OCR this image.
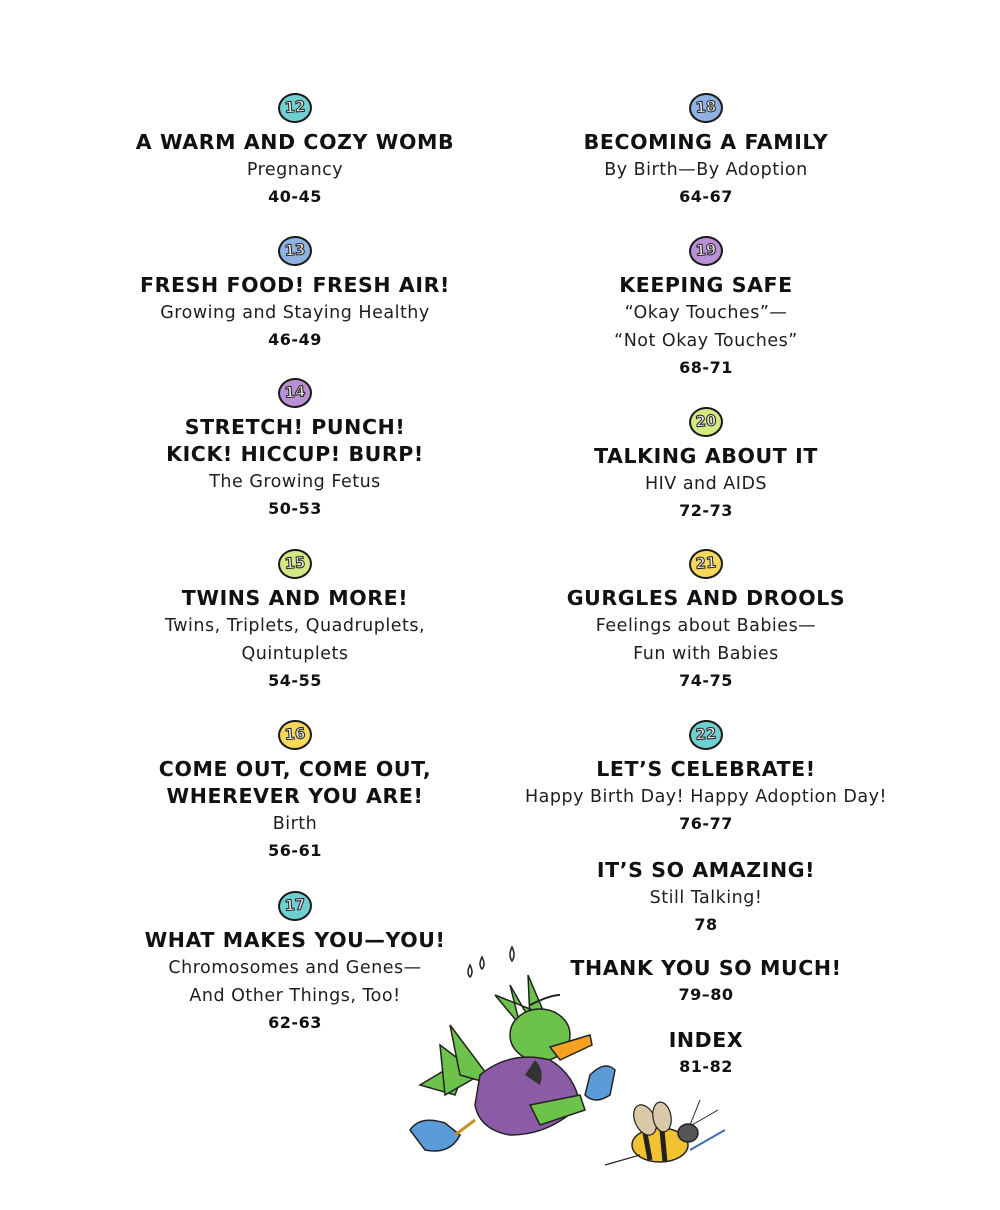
12
A WARM AND COZY WOMB
Pregnancy
40-45
13
FRESH FOOD! FRESH AIR!
Growing and Staying Healthy
46-49
14
STRETCH! PUNCH!
KICK! HICCUP! BURP!
The Growing Fetus
50-53
15
TWINS AND MORE!
Twins, Triplets, Quadruplets,
Quintuplets
54-55
16
COME OUT, COME OUT,
WHEREVER YOU ARE!
Birth
56-61
17
WHAT MAKES YOU—YOU!
Chromosomes and Genes—
And Other Things, Too!
62-63
18
BECOMING A FAMILY
By Birth—By Adoption
64-67
19
KEEPING SAFE
“Okay Touches”—
“Not Okay Touches”
68-71
20
TALKING ABOUT IT
HIV and AIDS
72-73
21
GURGLES AND DROOLS
Feelings about Babies—
Fun with Babies
74-75
22
LET’S CELEBRATE!
Happy Birth Day! Happy Adoption Day!
76-77
IT’S SO AMAZING!
Still Talking!
78
THANK YOU SO MUCH!
79–80
INDEX
81-82
